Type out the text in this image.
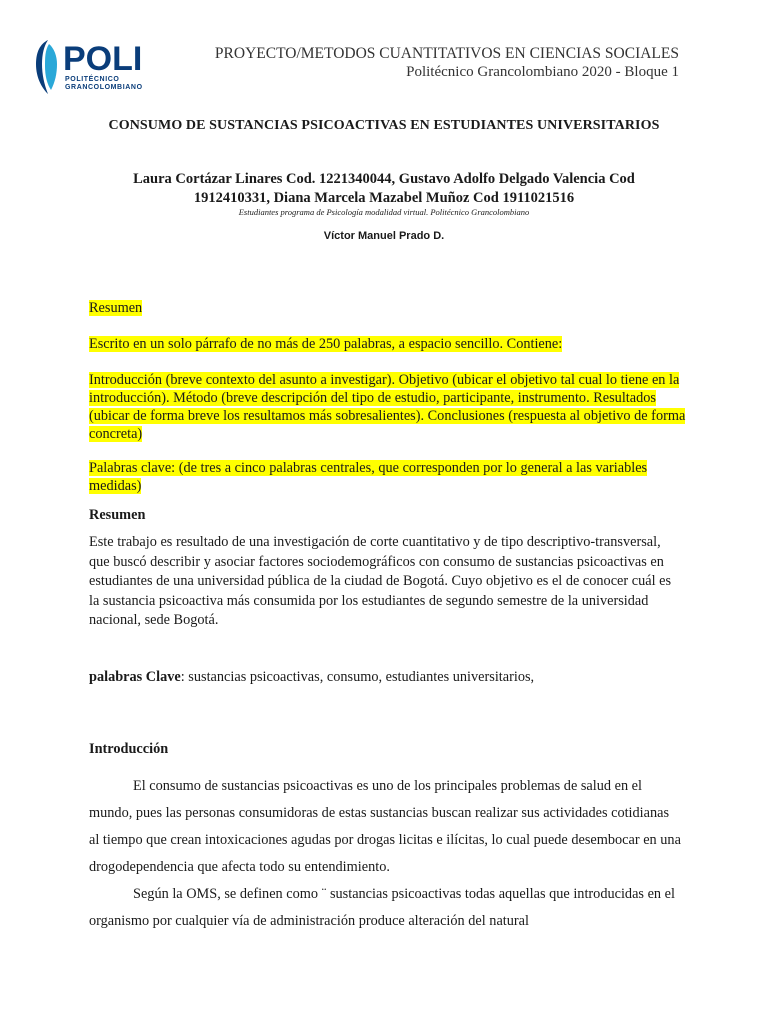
POLI
POLITÉCNICO
GRANCOLOMBIANO
PROYECTO/METODOS CUANTITATIVOS EN CIENCIAS SOCIALES
Politécnico Grancolombiano 2020 - Bloque 1
CONSUMO DE SUSTANCIAS PSICOACTIVAS EN ESTUDIANTES UNIVERSITARIOS
Laura Cortázar Linares Cod. 1221340044, Gustavo Adolfo Delgado Valencia Cod 1912410331, Diana Marcela Mazabel Muñoz Cod 1911021516
Estudiantes programa de Psicología modalidad virtual. Politécnico Grancolombiano
Víctor Manuel Prado D.
Resumen
Escrito en un solo párrafo de no más de 250 palabras, a espacio sencillo. Contiene:
Introducción (breve contexto del asunto a investigar). Objetivo (ubicar el objetivo tal cual lo tiene en la introducción). Método (breve descripción del tipo de estudio, participante, instrumento. Resultados (ubicar de forma breve los resultamos más sobresalientes). Conclusiones (respuesta al objetivo de forma concreta)
Palabras clave: (de tres a cinco palabras centrales, que corresponden por lo general a las variables medidas)
Resumen
Este trabajo es resultado de una investigación de corte cuantitativo y de tipo descriptivo-transversal, que buscó describir y asociar factores sociodemográficos con consumo de sustancias psicoactivas en estudiantes de una universidad pública de la ciudad de Bogotá. Cuyo objetivo es el de conocer cuál es la sustancia psicoactiva más consumida por los estudiantes de segundo semestre de la universidad nacional, sede Bogotá.
palabras Clave: sustancias psicoactivas, consumo, estudiantes universitarios,
Introducción

El consumo de sustancias psicoactivas es uno de los principales problemas de salud en el mundo, pues las personas consumidoras de estas sustancias buscan realizar sus actividades cotidianas al tiempo que crean intoxicaciones agudas por drogas licitas e ilícitas, lo cual puede desembocar en una drogodependencia que afecta todo su entendimiento.

Según la OMS, se definen como ¨ sustancias psicoactivas todas aquellas que introducidas en el organismo por cualquier vía de administración produce alteración del natural
